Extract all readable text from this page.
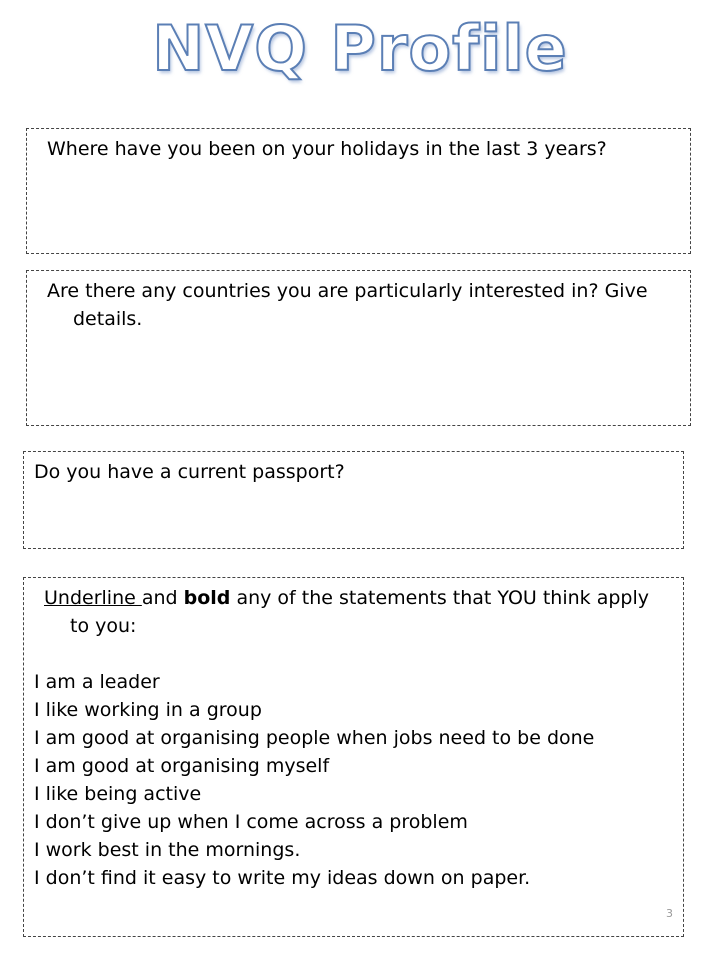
NVQ Profile
Where have you been on your holidays in the last 3 years?
Are there any countries you are particularly interested in? Give details.
Do you have a current passport?
Underline and bold any of the statements that YOU think apply to you:
I am a leader
I like working in a group
I am good at organising people when jobs need to be done
I am good at organising myself
I like being active
I don’t give up when I come across a problem
I work best in the mornings.
I don’t find it easy to write my ideas down on paper.
3
